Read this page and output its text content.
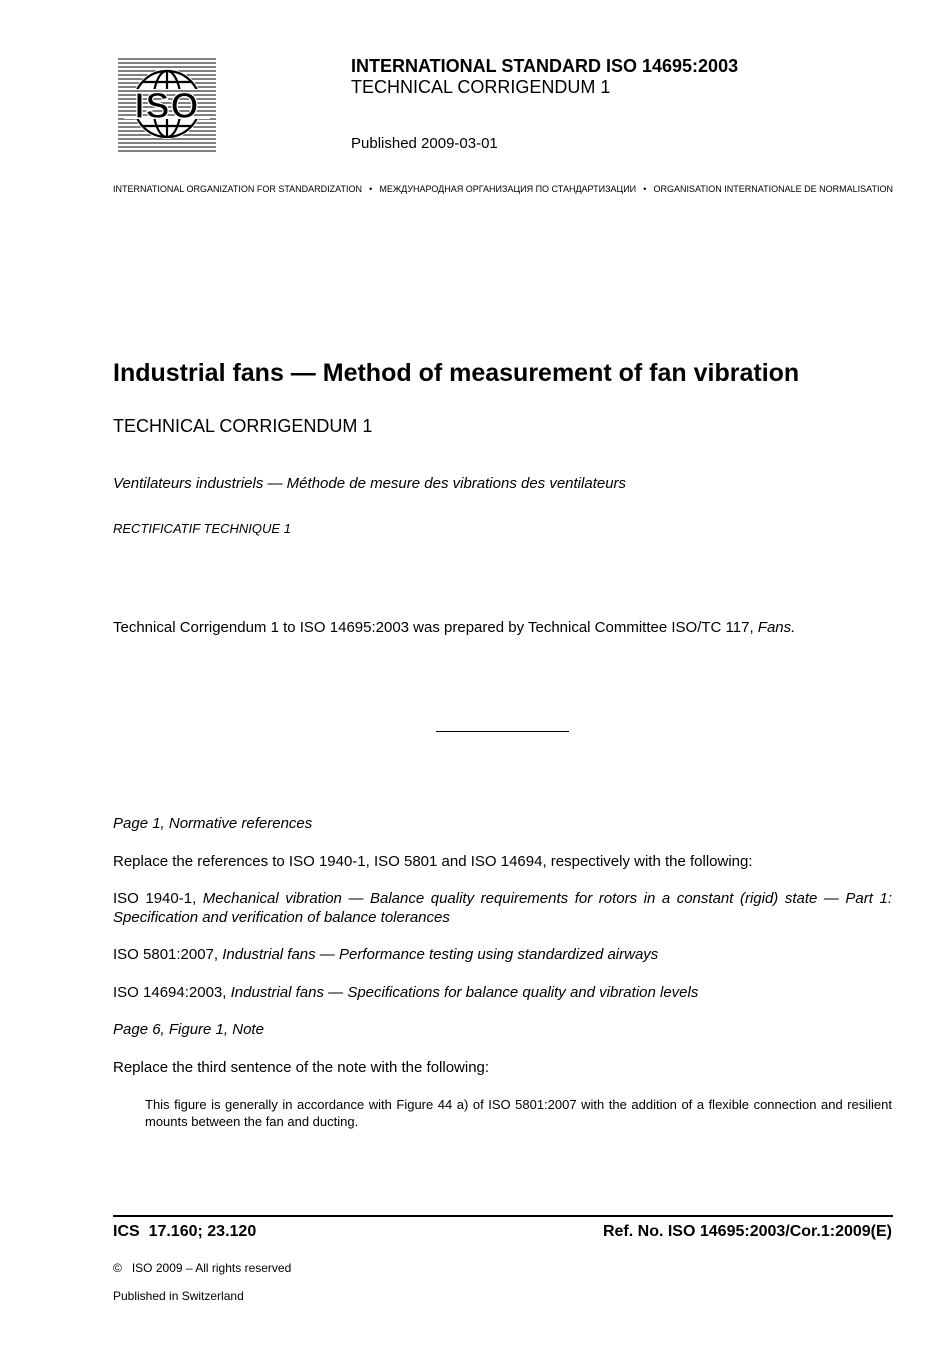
ISO
INTERNATIONAL STANDARD ISO 14695:2003
TECHNICAL CORRIGENDUM 1
Published 2009-03-01
INTERNATIONAL ORGANIZATION FOR STANDARDIZATION • МЕЖДУНАРОДНАЯ ОРГАНИЗАЦИЯ ПО СТАНДАРТИЗАЦИИ • ORGANISATION INTERNATIONALE DE NORMALISATION
Industrial fans — Method of measurement of fan vibration
TECHNICAL CORRIGENDUM 1
Ventilateurs industriels — Méthode de mesure des vibrations des ventilateurs
RECTIFICATIF TECHNIQUE 1
Technical Corrigendum 1 to ISO 14695:2003 was prepared by Technical Committee ISO/TC 117, Fans.
Page 1, Normative references
Replace the references to ISO 1940-1, ISO 5801 and ISO 14694, respectively with the following:
ISO 1940-1, Mechanical vibration — Balance quality requirements for rotors in a constant (rigid) state — Part 1: Specification and verification of balance tolerances
ISO 5801:2007, Industrial fans — Performance testing using standardized airways
ISO 14694:2003, Industrial fans — Specifications for balance quality and vibration levels
Page 6, Figure 1, Note
Replace the third sentence of the note with the following:
This figure is generally in accordance with Figure 44 a) of ISO 5801:2007 with the addition of a flexible connection and resilient mounts between the fan and ducting.
ICS  17.160; 23.120	Ref. No. ISO 14695:2003/Cor.1:2009(E)
©   ISO 2009 – All rights reserved
Published in Switzerland
